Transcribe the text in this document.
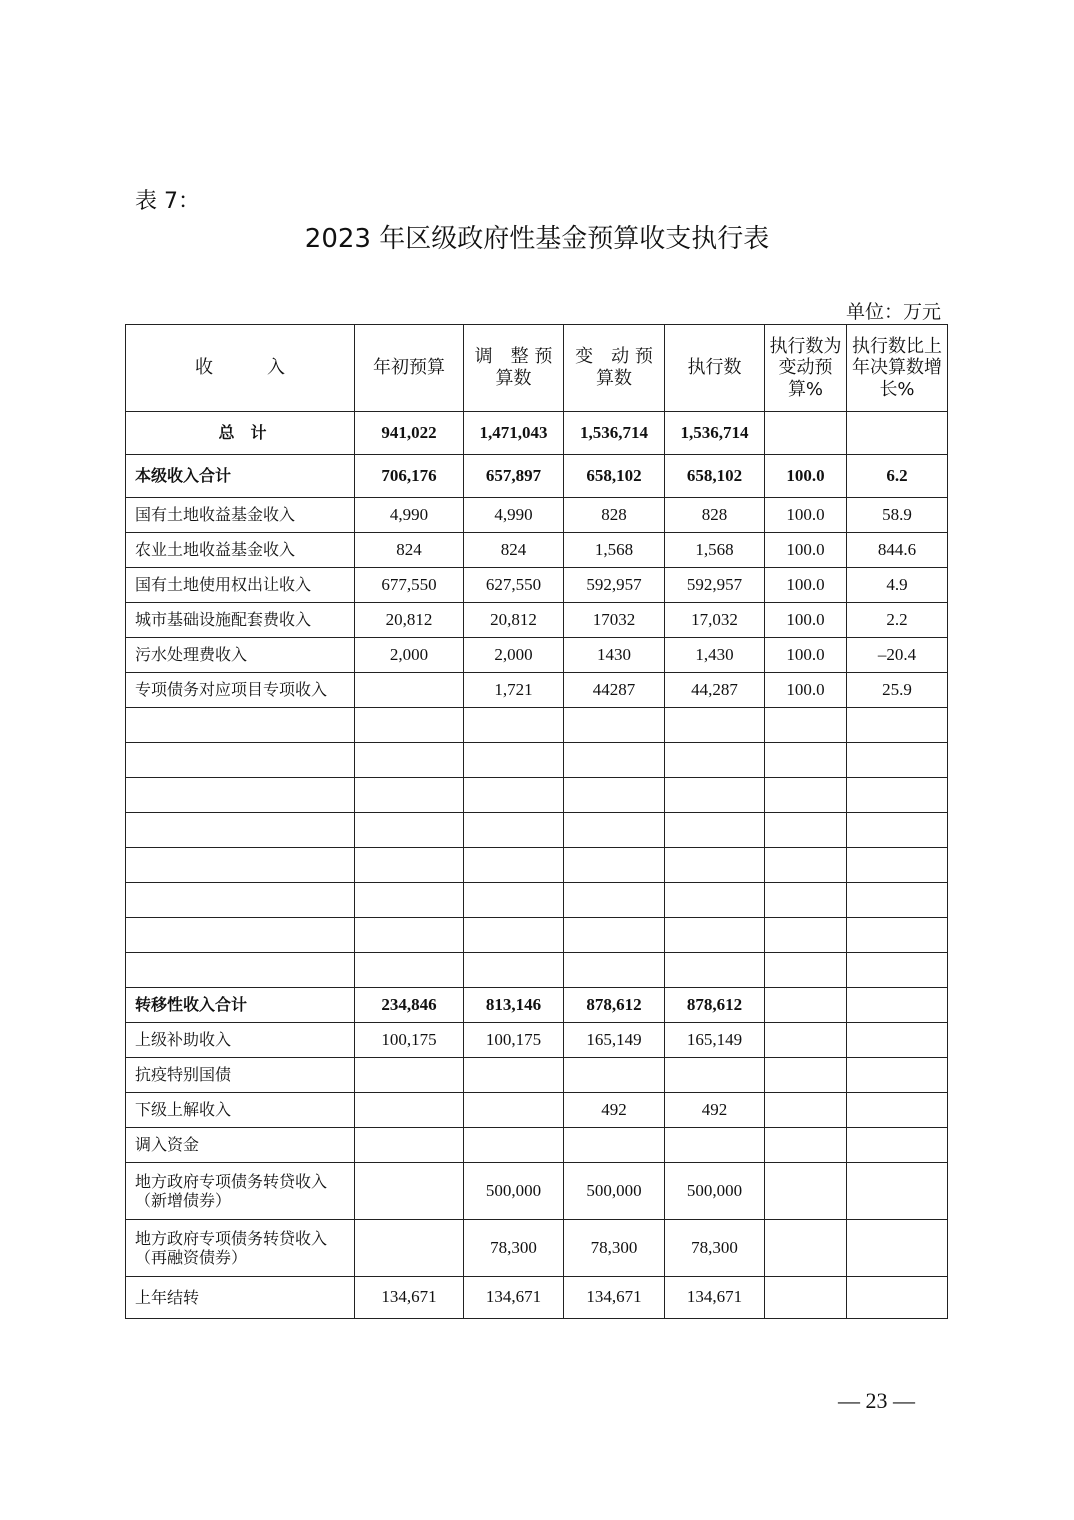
表 7：
2023 年区级政府性基金预算收支执行表
单位：万元
收　　　入	年初预算	调　整 预算数	变　动 预算数	执行数	执行数为变动预算%	执行数比上年决算数增长%
总　计	941,022	1,471,043	1,536,714	1,536,714		
本级收入合计	706,176	657,897	658,102	658,102	100.0	6.2
国有土地收益基金收入	4,990	4,990	828	828	100.0	58.9
农业土地收益基金收入	824	824	1,568	1,568	100.0	844.6
国有土地使用权出让收入	677,550	627,550	592,957	592,957	100.0	4.9
城市基础设施配套费收入	20,812	20,812	17032	17,032	100.0	2.2
污水处理费收入	2,000	2,000	1430	1,430	100.0	–20.4
专项债务对应项目专项收入		1,721	44287	44,287	100.0	25.9

转移性收入合计	234,846	813,146	878,612	878,612		
上级补助收入	100,175	100,175	165,149	165,149		
抗疫特别国债						
下级上解收入			492	492		
调入资金						
地方政府专项债务转贷收入（新增债券）		500,000	500,000	500,000		
地方政府专项债务转贷收入（再融资债券）		78,300	78,300	78,300		
上年结转	134,671	134,671	134,671	134,671		
— 23 —
